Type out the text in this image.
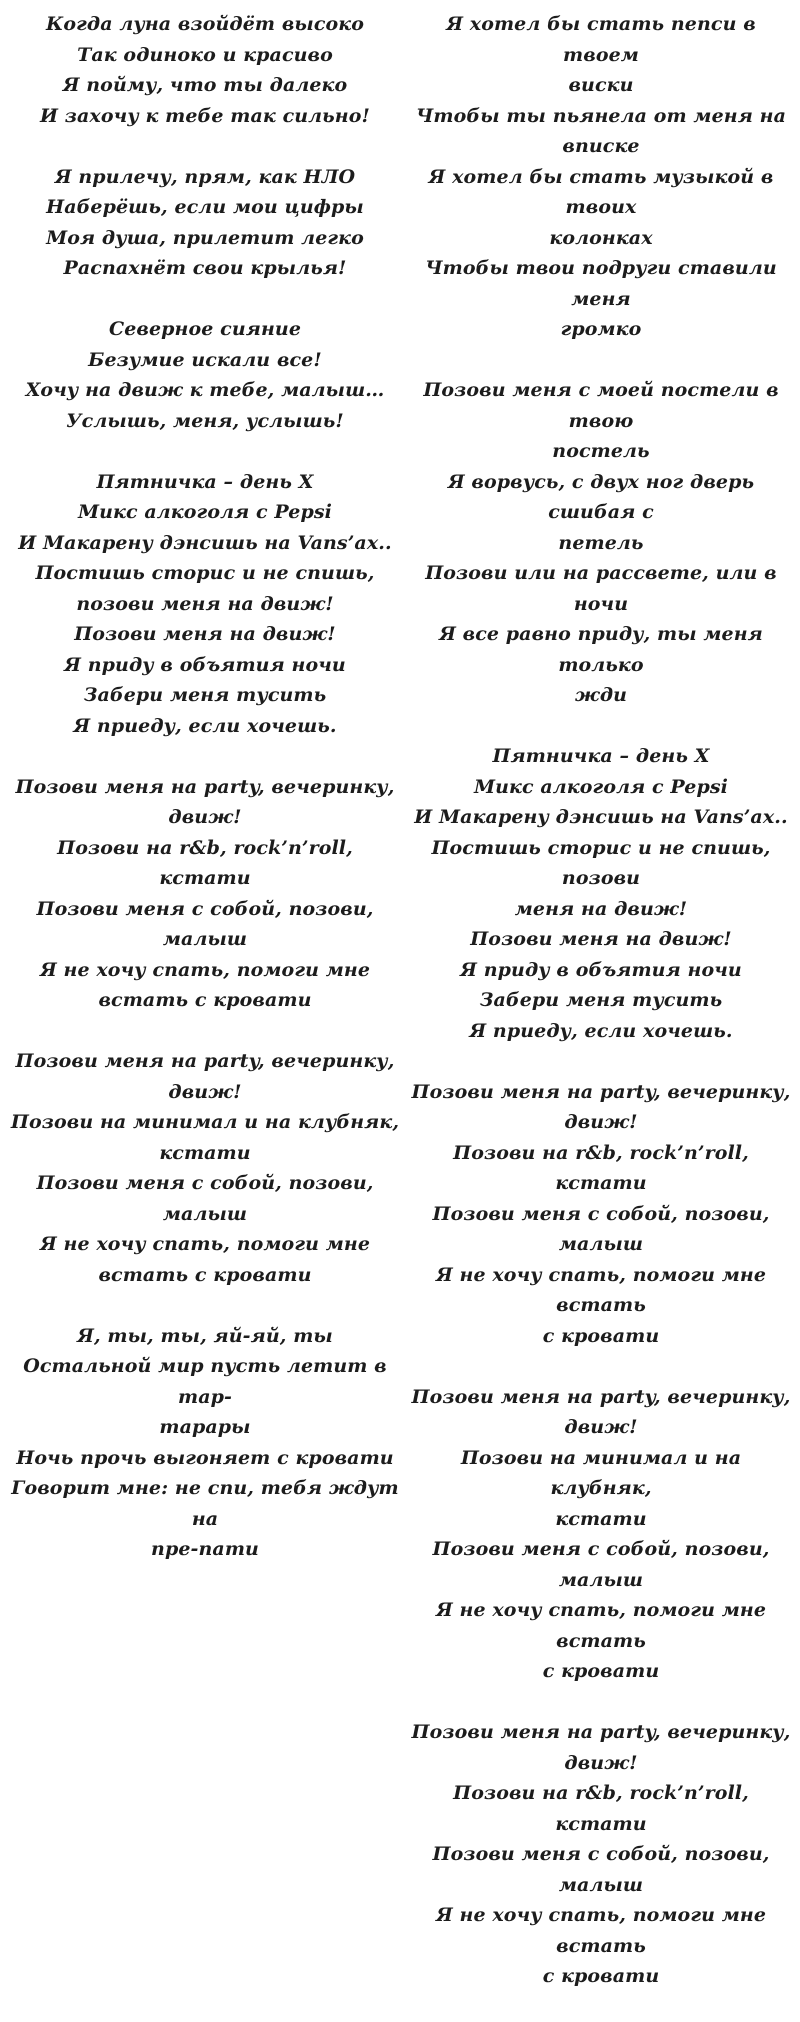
Когда луна взойдёт высоко
Так одиноко и красиво
Я пойму, что ты далеко
И захочу к тебе так сильно!
Я прилечу, прям, как НЛО
Наберёшь, если мои цифры
Моя душа, прилетит легко
Распахнёт свои крылья!
Северное сияние
Безумие искали все!
Хочу на движ к тебе, малыш…
Услышь, меня, услышь!
Пятничка – день Х
Микс алкоголя с Pepsi
И Макарену дэнсишь на Vans’ах..
Постишь сторис и не спишь,
позови меня на движ!
Позови меня на движ!
Я приду в объятия ночи
Забери меня тусить
Я приеду, если хочешь.
Позови меня на party, вечеринку,
движ!
Позови на r&b, rock’n’roll, кстати
Позови меня с собой, позови, малыш
Я не хочу спать, помоги мне
встать с кровати
Позови меня на party, вечеринку,
движ!
Позови на минимал и на клубняк,
кстати
Позови меня с собой, позови, малыш
Я не хочу спать, помоги мне
встать с кровати
Я, ты, ты, яй-яй, ты
Остальной мир пусть летит в тар-
тарары
Ночь прочь выгоняет с кровати
Говорит мне: не спи, тебя ждут на
пре-пати
Я хотел бы стать пепси в твоем
виски
Чтобы ты пьянела от меня на
вписке
Я хотел бы стать музыкой в твоих
колонках
Чтобы твои подруги ставили меня
громко
Позови меня с моей постели в твою
постель
Я ворвусь, с двух ног дверь сшибая с
петель
Позови или на рассвете, или в ночи
Я все равно приду, ты меня только
жди
Пятничка – день Х
Микс алкоголя с Pepsi
И Макарену дэнсишь на Vans’ах..
Постишь сторис и не спишь, позови
меня на движ!
Позови меня на движ!
Я приду в объятия ночи
Забери меня тусить
Я приеду, если хочешь.
Позови меня на party, вечеринку,
движ!
Позови на r&b, rock’n’roll, кстати
Позови меня с собой, позови, малыш
Я не хочу спать, помоги мне встать
с кровати
Позови меня на party, вечеринку,
движ!
Позови на минимал и на клубняк,
кстати
Позови меня с собой, позови, малыш
Я не хочу спать, помоги мне встать
с кровати
Позови меня на party, вечеринку,
движ!
Позови на r&b, rock’n’roll, кстати
Позови меня с собой, позови, малыш
Я не хочу спать, помоги мне встать
с кровати
